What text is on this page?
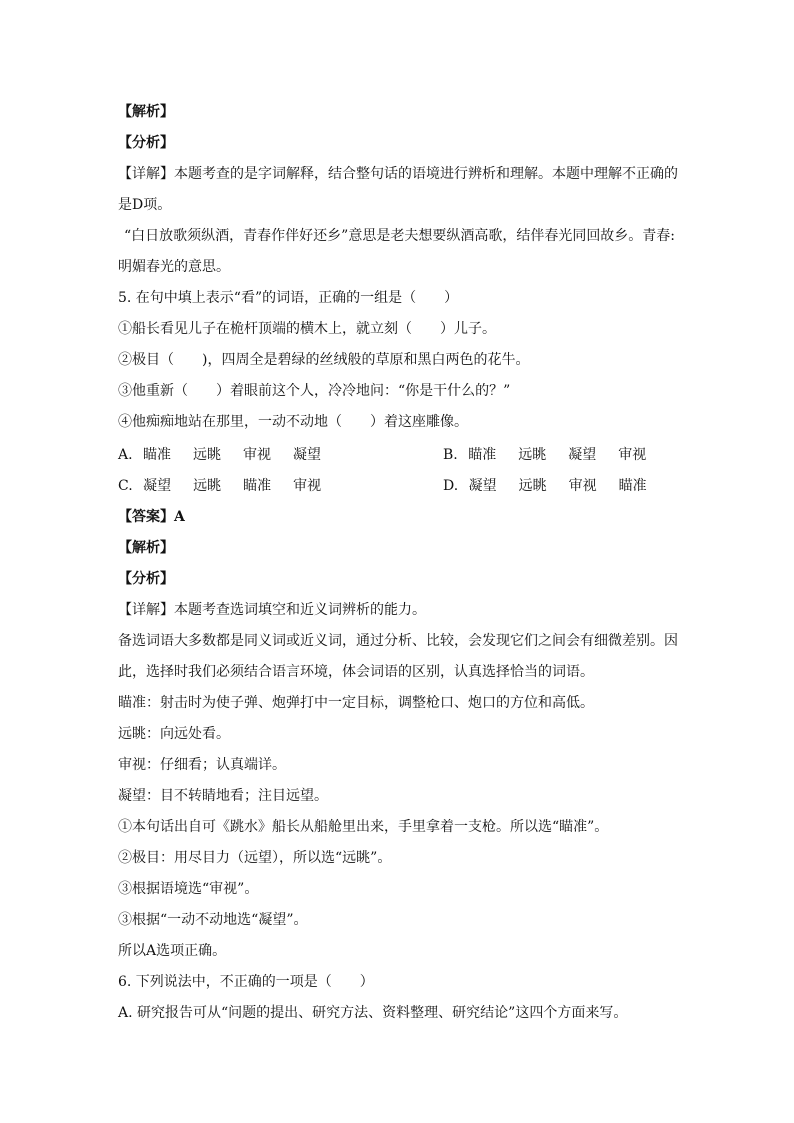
【解析】
【分析】
【详解】本题考查的是字词解释，结合整句话的语境进行辨析和理解。本题中理解不正确的
是D项。
“白日放歌须纵酒，青春作伴好还乡”意思是老夫想要纵酒高歌，结伴春光同回故乡。青春:
明媚春光的意思。
5. 在句中填上表示“看”的词语，正确的一组是（　　）
①船长看见儿子在桅杆顶端的横木上，就立刻（　　）儿子。
②极目（　　)，四周全是碧绿的丝绒般的草原和黑白两色的花牛。
③他重新（　　）着眼前这个人，冷冷地问：“你是干什么的？”
④他痴痴地站在那里，一动不动地（　　）着这座雕像。
A. 瞄准 远眺 审视 凝望	B. 瞄准 远眺 凝望 审视
C. 凝望 远眺 瞄准 审视	D. 凝望 远眺 审视 瞄准
【答案】A
【解析】
【分析】
【详解】本题考查选词填空和近义词辨析的能力。
备选词语大多数都是同义词或近义词，通过分析、比较，会发现它们之间会有细微差别。因
此，选择时我们必须结合语言环境，体会词语的区别，认真选择恰当的词语。
瞄准：射击时为使子弹、炮弹打中一定目标，调整枪口、炮口的方位和高低。
远眺：向远处看。
审视：仔细看；认真端详。
凝望：目不转睛地看；注目远望。
①本句话出自可《跳水》船长从船舱里出来，手里拿着一支枪。所以选“瞄准”。
②极目：用尽目力（远望），所以选“远眺”。
③根据语境选“审视”。
③根据“一动不动地选“凝望”。
所以A选项正确。
6. 下列说法中，不正确的一项是（　　）
A. 研究报告可从“问题的提出、研究方法、资料整理、研究结论”这四个方面来写。
